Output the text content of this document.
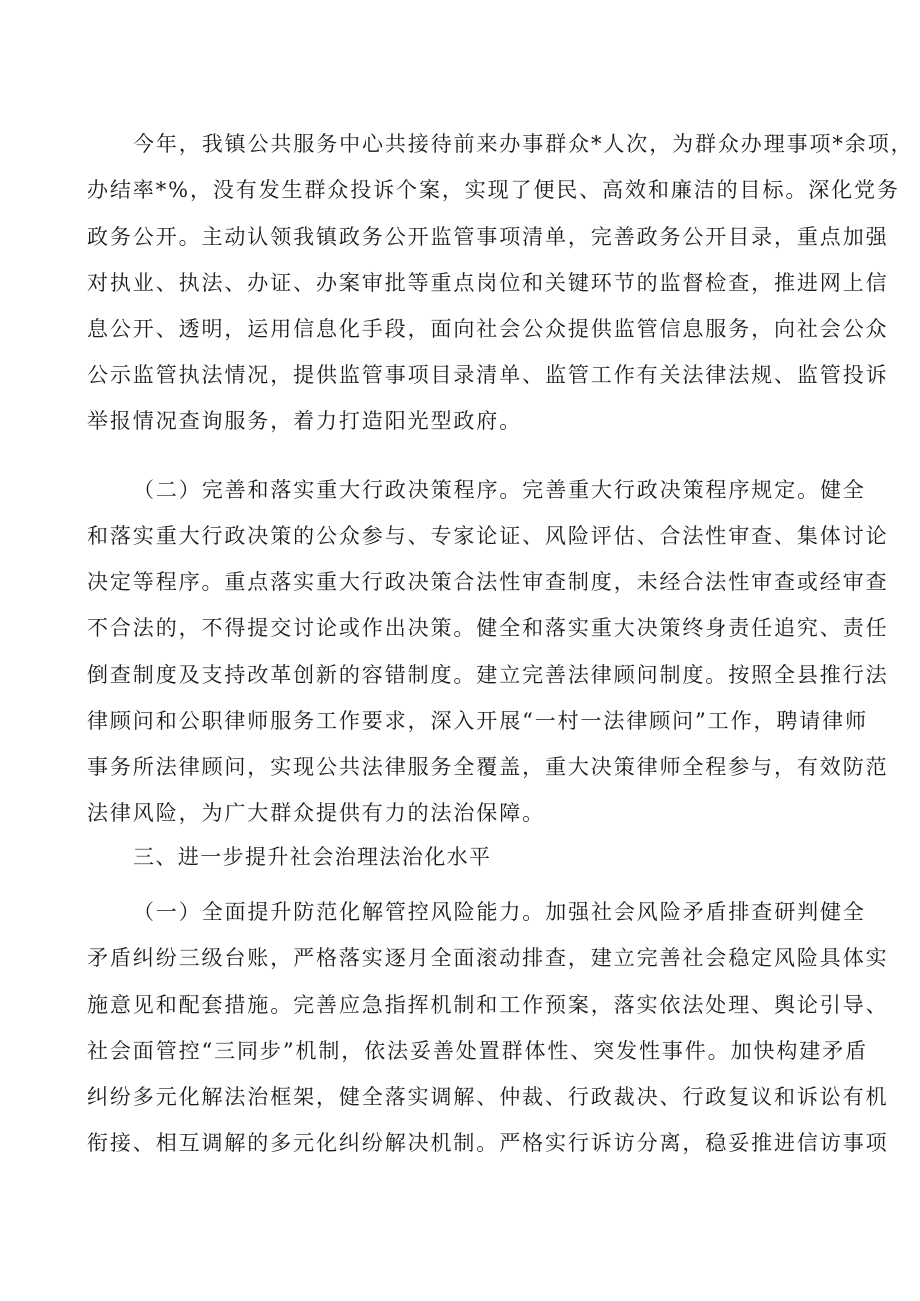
今年，我镇公共服务中心共接待前来办事群众*人次，为群众办理事项*余项，
办结率*%，没有发生群众投诉个案，实现了便民、高效和廉洁的目标。深化党务
政务公开。主动认领我镇政务公开监管事项清单，完善政务公开目录，重点加强
对执业、执法、办证、办案审批等重点岗位和关键环节的监督检查，推进网上信
息公开、透明，运用信息化手段，面向社会公众提供监管信息服务，向社会公众
公示监管执法情况，提供监管事项目录清单、监管工作有关法律法规、监管投诉
举报情况查询服务，着力打造阳光型政府。
（二）完善和落实重大行政决策程序。完善重大行政决策程序规定。健全
和落实重大行政决策的公众参与、专家论证、风险评估、合法性审查、集体讨论
决定等程序。重点落实重大行政决策合法性审查制度，未经合法性审查或经审查
不合法的，不得提交讨论或作出决策。健全和落实重大决策终身责任追究、责任
倒查制度及支持改革创新的容错制度。建立完善法律顾问制度。按照全县推行法
律顾问和公职律师服务工作要求，深入开展“一村一法律顾问”工作，聘请律师
事务所法律顾问，实现公共法律服务全覆盖，重大决策律师全程参与，有效防范
法律风险，为广大群众提供有力的法治保障。
三、进一步提升社会治理法治化水平
（一）全面提升防范化解管控风险能力。加强社会风险矛盾排查研判健全
矛盾纠纷三级台账，严格落实逐月全面滚动排查，建立完善社会稳定风险具体实
施意见和配套措施。完善应急指挥机制和工作预案，落实依法处理、舆论引导、
社会面管控“三同步”机制，依法妥善处置群体性、突发性事件。加快构建矛盾
纠纷多元化解法治框架，健全落实调解、仲裁、行政裁决、行政复议和诉讼有机
衔接、相互调解的多元化纠纷解决机制。严格实行诉访分离，稳妥推进信访事项
